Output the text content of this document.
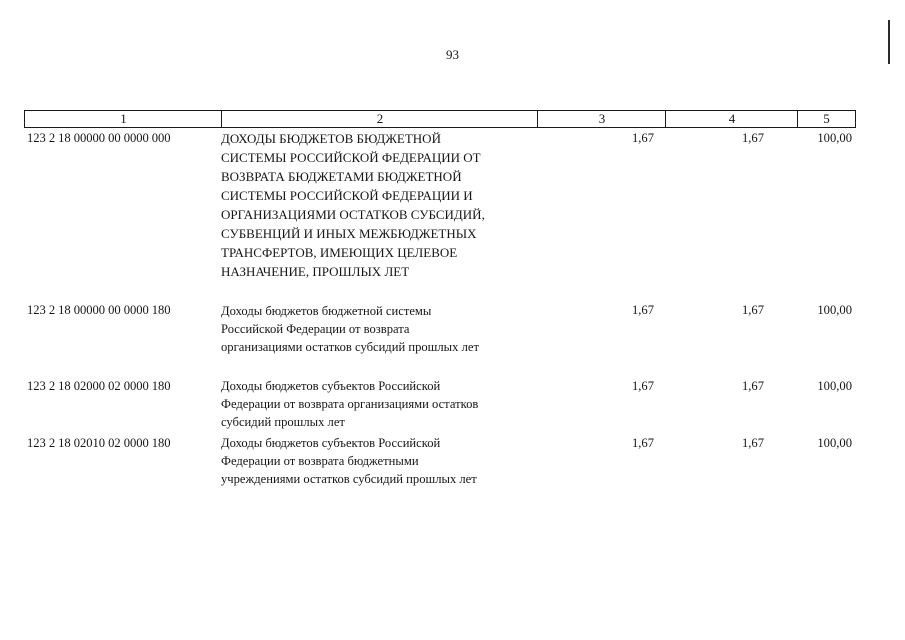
93
1	2	3	4	5
123 2 18 00000 00 0000 000	ДОХОДЫ БЮДЖЕТОВ БЮДЖЕТНОЙ
СИСТЕМЫ РОССИЙСКОЙ ФЕДЕРАЦИИ ОТ
ВОЗВРАТА БЮДЖЕТАМИ БЮДЖЕТНОЙ
СИСТЕМЫ РОССИЙСКОЙ ФЕДЕРАЦИИ И
ОРГАНИЗАЦИЯМИ ОСТАТКОВ СУБСИДИЙ,
СУБВЕНЦИЙ И ИНЫХ МЕЖБЮДЖЕТНЫХ
ТРАНСФЕРТОВ, ИМЕЮЩИХ ЦЕЛЕВОЕ
НАЗНАЧЕНИЕ, ПРОШЛЫХ ЛЕТ
1,67	1,67	100,00
123 2 18 00000 00 0000 180	Доходы бюджетов бюджетной системы
Российской Федерации от возврата
организациями остатков субсидий прошлых лет
1,67	1,67	100,00
123 2 18 02000 02 0000 180	Доходы бюджетов субъектов Российской
Федерации от возврата организациями остатков
субсидий прошлых лет
1,67	1,67	100,00
123 2 18 02010 02 0000 180	Доходы бюджетов субъектов Российской
Федерации от возврата бюджетными
учреждениями остатков субсидий прошлых лет
1,67	1,67	100,00
